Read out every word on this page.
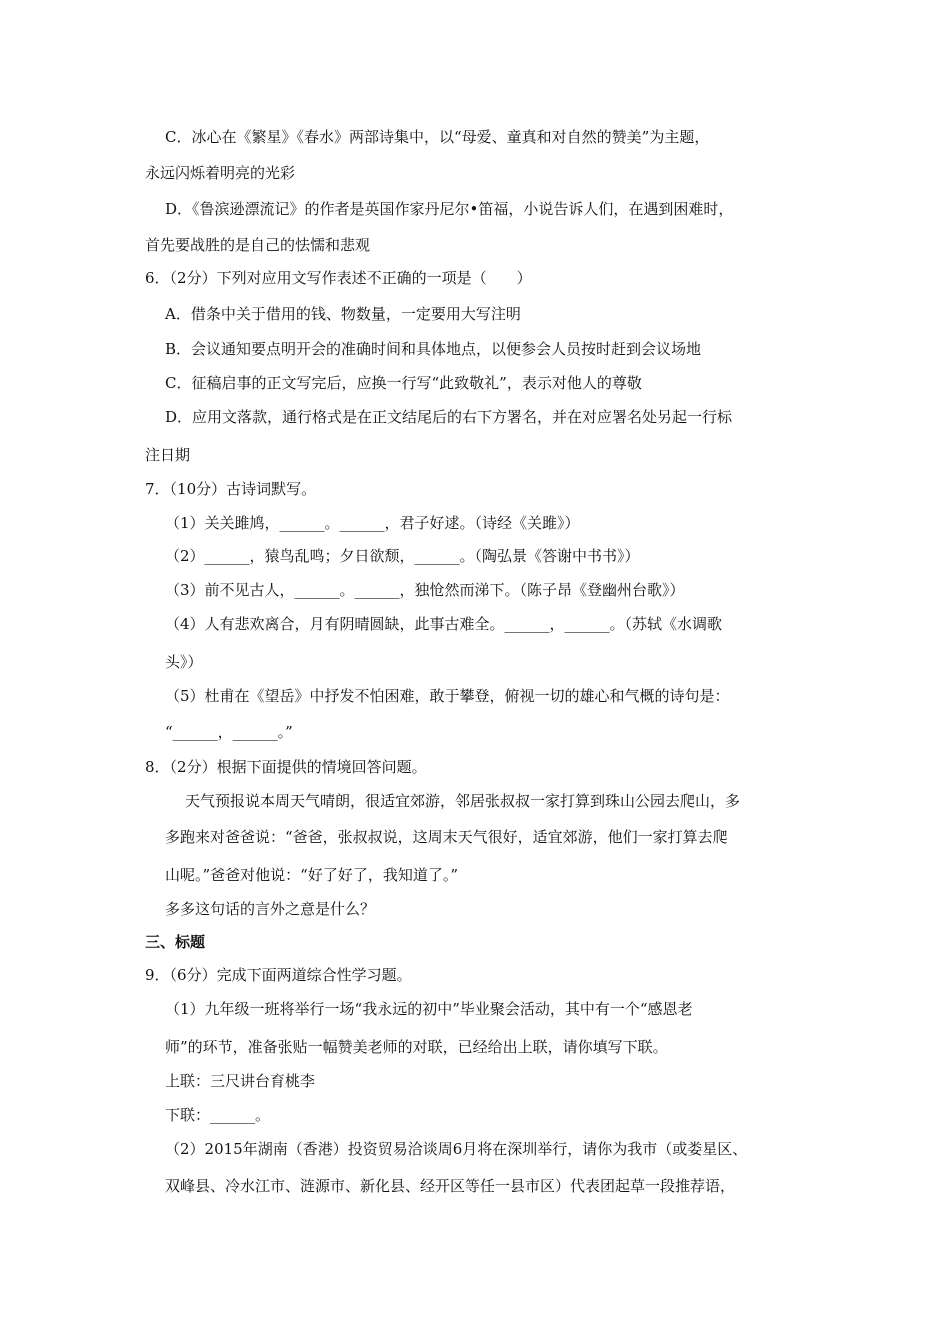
C．冰心在《繁星》《春水》两部诗集中，以“母爱、童真和对自然的赞美”为主题，
永远闪烁着明亮的光彩
D．《鲁滨逊漂流记》的作者是英国作家丹尼尔•笛福，小说告诉人们，在遇到困难时，
首先要战胜的是自己的怯懦和悲观
6．（2分）下列对应用文写作表述不正确的一项是（　　）
A．借条中关于借用的钱、物数量，一定要用大写注明
B．会议通知要点明开会的准确时间和具体地点，以便参会人员按时赶到会议场地
C．征稿启事的正文写完后，应换一行写“此致敬礼”，表示对他人的尊敬
D．应用文落款，通行格式是在正文结尾后的右下方署名，并在对应署名处另起一行标
注日期
7．（10分）古诗词默写。
（1）关关雎鸠，______。______，君子好逑。（诗经《关雎》）
（2）______，猿鸟乱鸣；夕日欲颓，______。（陶弘景《答谢中书书》）
（3）前不见古人，______。______，独怆然而涕下。（陈子昂《登幽州台歌》）
（4）人有悲欢离合，月有阴晴圆缺，此事古难全。______，______。（苏轼《水调歌
头》）
（5）杜甫在《望岳》中抒发不怕困难，敢于攀登，俯视一切的雄心和气概的诗句是：
“______，______。”
8．（2分）根据下面提供的情境回答问题。
天气预报说本周天气晴朗，很适宜郊游，邻居张叔叔一家打算到珠山公园去爬山，多
多跑来对爸爸说：“爸爸，张叔叔说，这周末天气很好，适宜郊游，他们一家打算去爬
山呢。”爸爸对他说：“好了好了，我知道了。”
多多这句话的言外之意是什么？
三、标题
9．（6分）完成下面两道综合性学习题。
（1）九年级一班将举行一场“我永远的初中”毕业聚会活动，其中有一个“感恩老
师”的环节，准备张贴一幅赞美老师的对联，已经给出上联，请你填写下联。
上联：三尺讲台育桃李
下联：______。
（2）2015年湖南（香港）投资贸易洽谈周6月将在深圳举行，请你为我市（或娄星区、
双峰县、冷水江市、涟源市、新化县、经开区等任一县市区）代表团起草一段推荐语，
